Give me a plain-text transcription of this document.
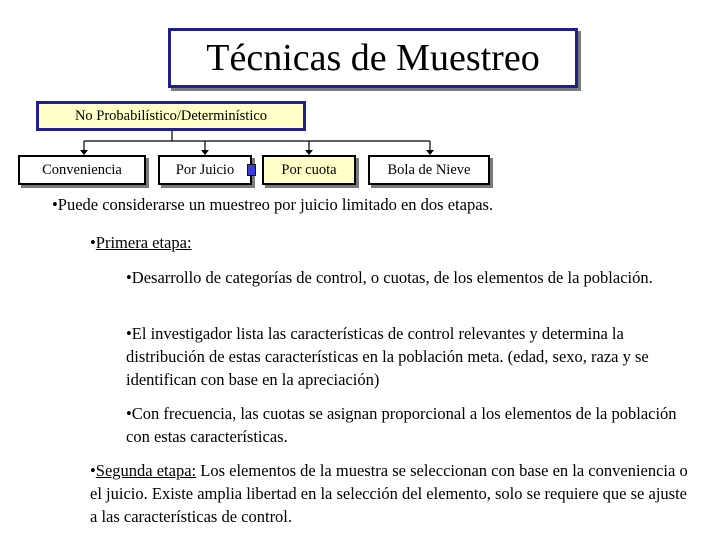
Técnicas de Muestreo
No Probabilístico/Determinístico
Conveniencia	Por Juicio	Por cuota	Bola de Nieve
•Puede considerarse un muestreo por juicio limitado en dos etapas.
•Primera etapa:
•Desarrollo de categorías de control, o cuotas, de los elementos de la población.
•El investigador lista las características de control relevantes y determina la distribución de estas características en la población meta. (edad, sexo, raza y se identifican con base en la apreciación)
•Con frecuencia, las cuotas se asignan proporcional a los elementos de la población con estas características.
•Segunda etapa: Los elementos de la muestra se seleccionan con base en la conveniencia o el juicio. Existe amplia libertad en la selección del elemento, solo se requiere que se ajuste a las características de control.
